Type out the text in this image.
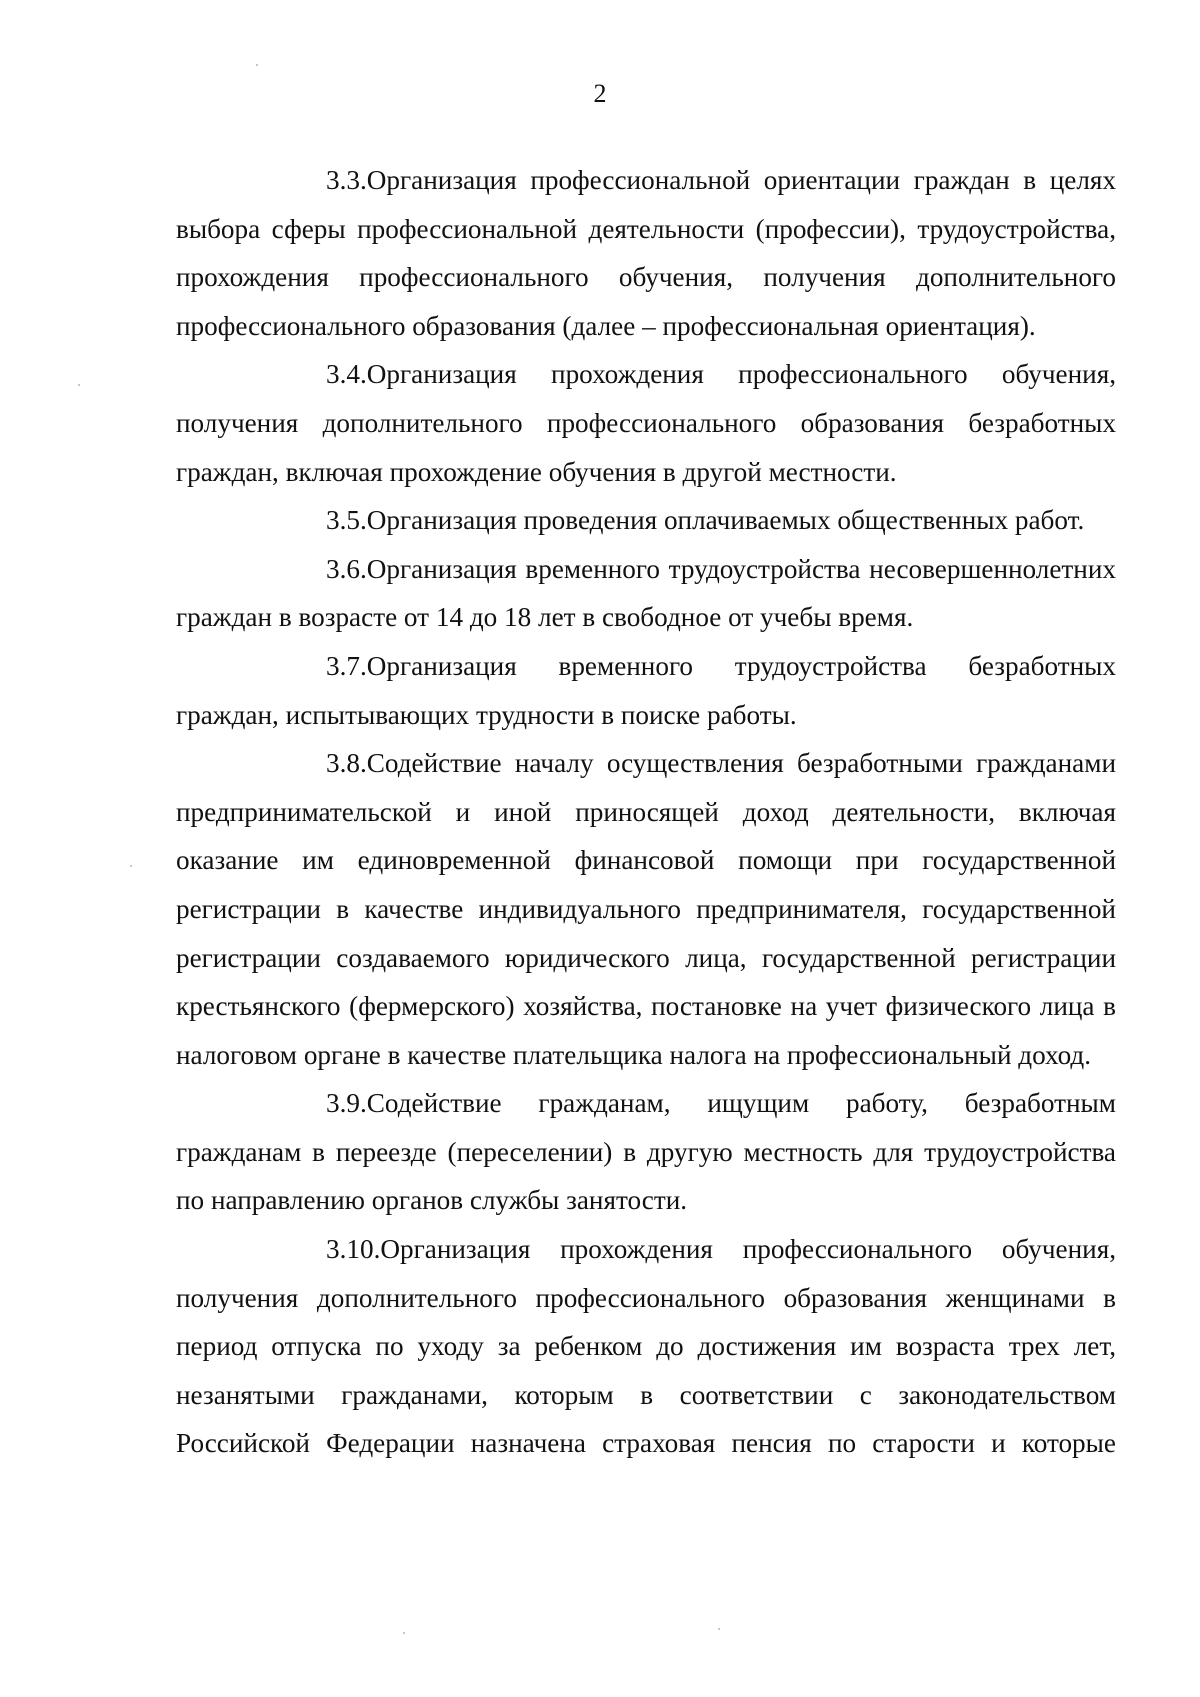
2

3.3.Организация профессиональной ориентации граждан в целях выбора сферы профессиональной деятельности (профессии), трудоустройства, прохождения профессионального обучения, получения дополнительного профессионального образования (далее – профессиональная ориентация).

3.4.Организация прохождения профессионального обучения, получения дополнительного профессионального образования безработных граждан, включая прохождение обучения в другой местности.

3.5.Организация проведения оплачиваемых общественных работ.

3.6.Организация временного трудоустройства несовершеннолетних граждан в возрасте от 14 до 18 лет в свободное от учебы время.

3.7.Организация временного трудоустройства безработных граждан, испытывающих трудности в поиске работы.

3.8.Содействие началу осуществления безработными гражданами предпринимательской и иной приносящей доход деятельности, включая оказание им единовременной финансовой помощи при государственной регистрации в качестве индивидуального предпринимателя, государственной регистрации создаваемого юридического лица, государственной регистрации крестьянского (фермерского) хозяйства, постановке на учет физического лица в налоговом органе в качестве плательщика налога на профессиональный доход.

3.9.Содействие гражданам, ищущим работу, безработным гражданам в переезде (переселении) в другую местность для трудоустройства по направлению органов службы занятости.

3.10.Организация прохождения профессионального обучения, получения дополнительного профессионального образования женщинами в период отпуска по уходу за ребенком до достижения им возраста трех лет, незанятыми гражданами, которым в соответствии с законодательством Российской Федерации назначена страховая пенсия по старости и которые
